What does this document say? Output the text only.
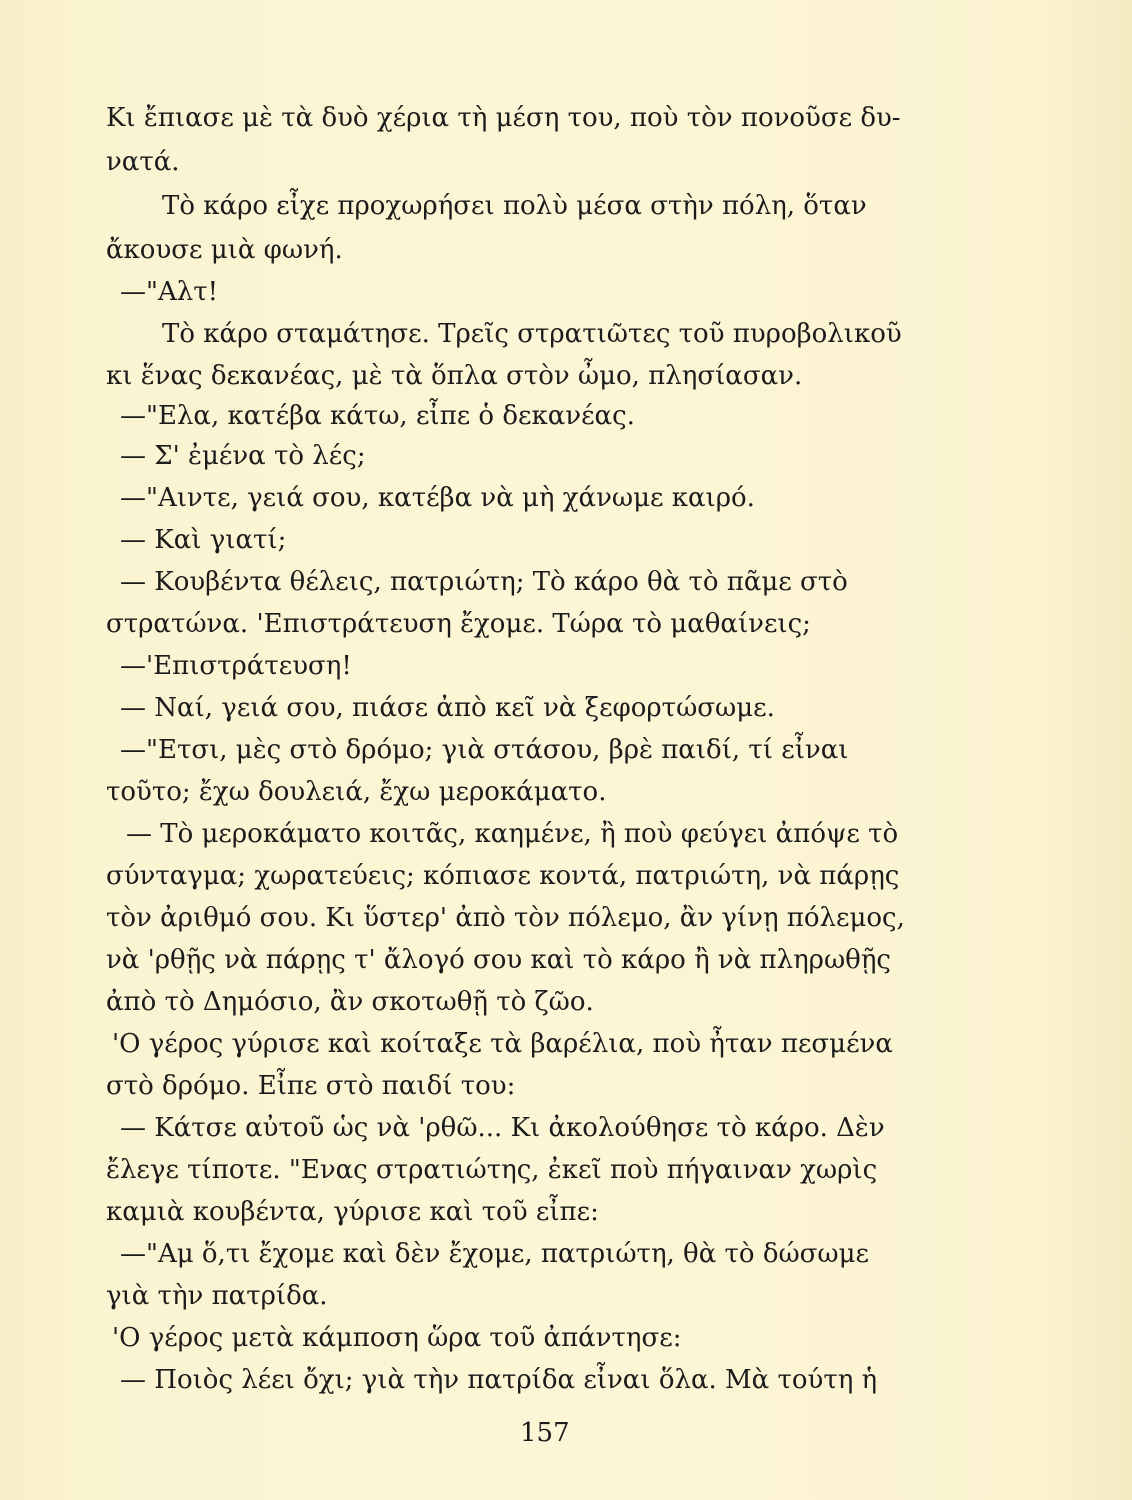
Κι ἔπιασε μὲ τὰ δυὸ χέρια τὴ μέση του, ποὺ τὸν πονοῦσε δυ-
νατά.
Τὸ κάρο εἶχε προχωρήσει πολὺ μέσα στὴν πόλη, ὅταν
ἄκουσε μιὰ φωνή.
—"Αλτ!
Τὸ κάρο σταμάτησε. Τρεῖς στρατιῶτες τοῦ πυροβολικοῦ
κι ἕνας δεκανέας, μὲ τὰ ὅπλα στὸν ὦμο, πλησίασαν.
—"Ελα, κατέβα κάτω, εἶπε ὁ δεκανέας.
— Σ' ἐμένα τὸ λές;
—"Αιντε, γειά σου, κατέβα νὰ μὴ χάνωμε καιρό.
— Καὶ γιατί;
— Κουβέντα θέλεις, πατριώτη; Τὸ κάρο θὰ τὸ πᾶμε στὸ
στρατώνα. 'Επιστράτευση ἔχομε. Τώρα τὸ μαθαίνεις;
—'Επιστράτευση!
— Ναί, γειά σου, πιάσε ἀπὸ κεῖ νὰ ξεφορτώσωμε.
—"Ετσι, μὲς στὸ δρόμο; γιὰ στάσου, βρὲ παιδί, τί εἶναι
τοῦτο; ἔχω δουλειά, ἔχω μεροκάματο.
— Τὸ μεροκάματο κοιτᾶς, καημένε, ἢ ποὺ φεύγει ἀπόψε τὸ
σύνταγμα; χωρατεύεις; κόπιασε κοντά, πατριώτη, νὰ πάρῃς
τὸν ἀριθμό σου. Κι ὕστερ' ἀπὸ τὸν πόλεμο, ἂν γίνῃ πόλεμος,
νὰ 'ρθῇς νὰ πάρῃς τ' ἄλογό σου καὶ τὸ κάρο ἢ νὰ πληρωθῇς
ἀπὸ τὸ Δημόσιο, ἂν σκοτωθῇ τὸ ζῶο.
'Ο γέρος γύρισε καὶ κοίταξε τὰ βαρέλια, ποὺ ἦταν πεσμένα
στὸ δρόμο. Εἶπε στὸ παιδί του:
— Κάτσε αὐτοῦ ὡς νὰ 'ρθῶ... Κι ἀκολούθησε τὸ κάρο. Δὲν
ἔλεγε τίποτε. "Ενας στρατιώτης, ἐκεῖ ποὺ πήγαιναν χωρὶς
καμιὰ κουβέντα, γύρισε καὶ τοῦ εἶπε:
—"Αμ ὅ,τι ἔχομε καὶ δὲν ἔχομε, πατριώτη, θὰ τὸ δώσωμε
γιὰ τὴν πατρίδα.
'Ο γέρος μετὰ κάμποση ὥρα τοῦ ἀπάντησε:
— Ποιὸς λέει ὄχι; γιὰ τὴν πατρίδα εἶναι ὅλα. Μὰ τούτη ἡ
157
